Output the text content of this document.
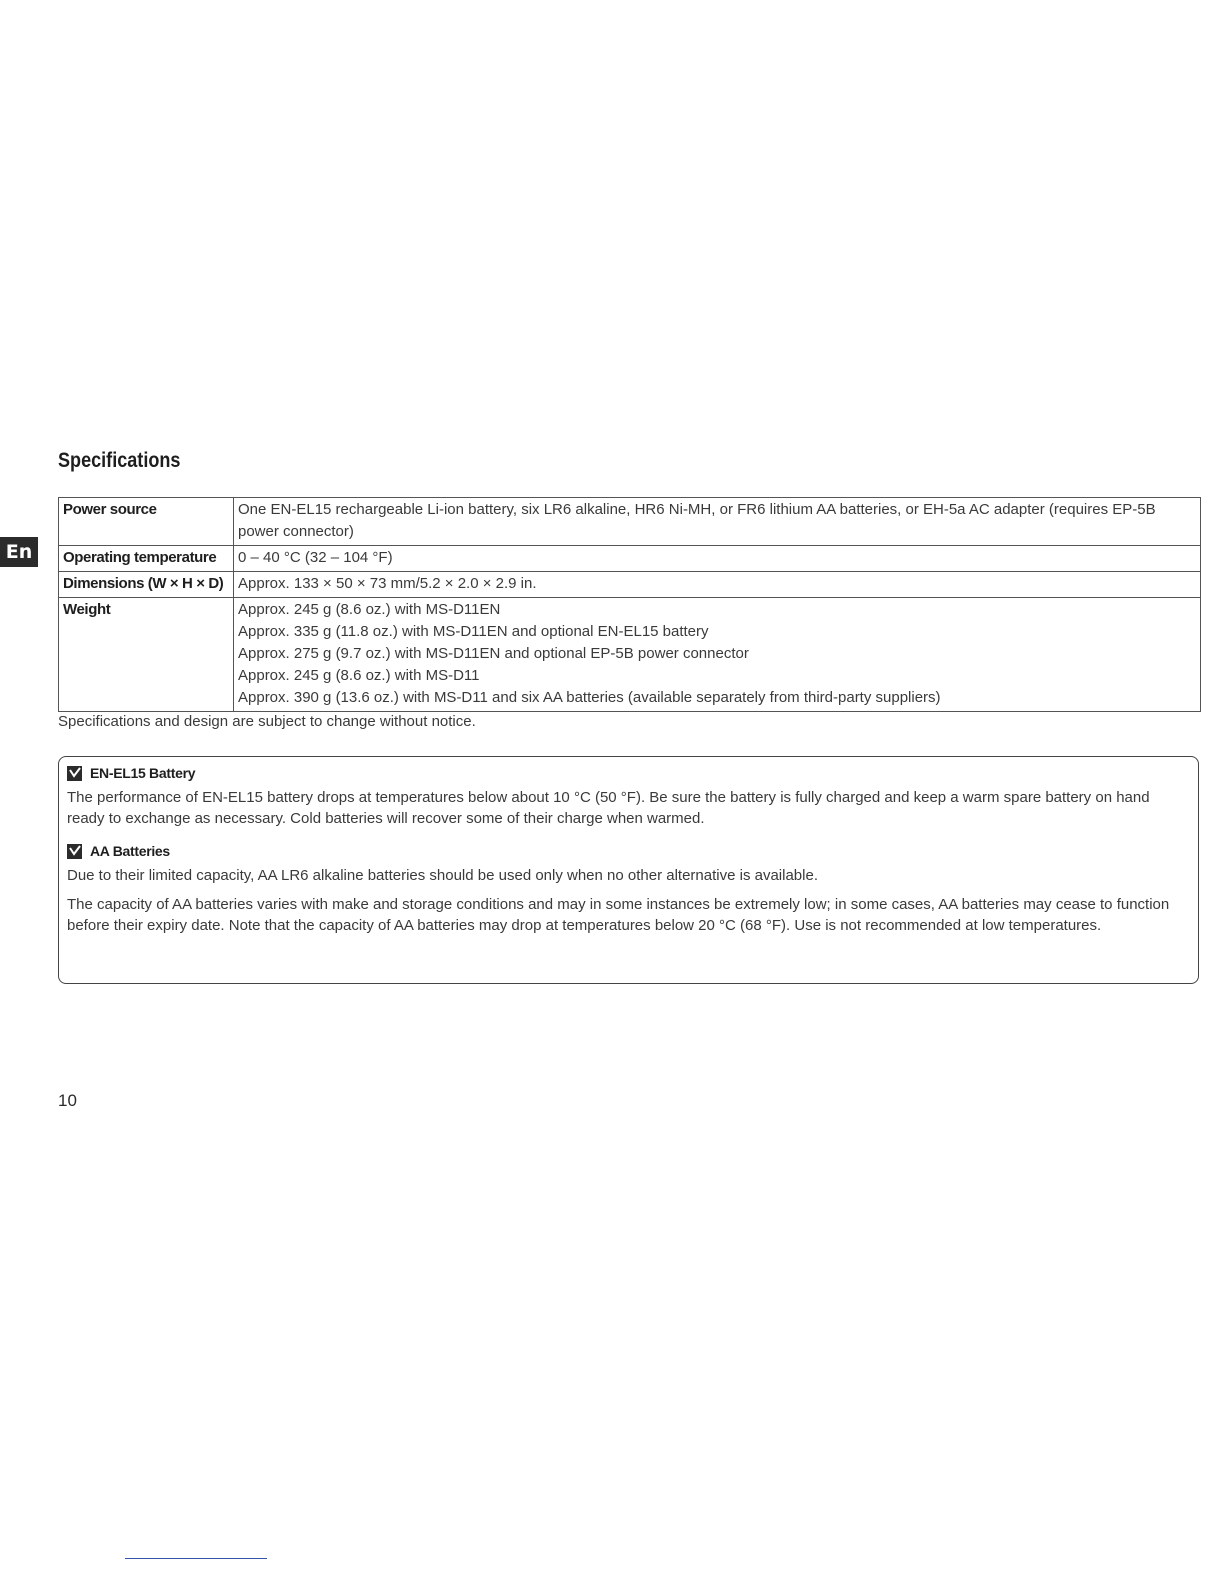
En
Specifications
Power source	One EN-EL15 rechargeable Li-ion battery, six LR6 alkaline, HR6 Ni-MH, or FR6 lithium AA batteries, or EH-5a AC adapter (requires EP-5B power connector)
Operating temperature	0 – 40 °C (32 – 104 °F)
Dimensions (W × H × D)	Approx. 133 × 50 × 73 mm/5.2 × 2.0 × 2.9 in.
Weight	Approx. 245 g (8.6 oz.) with MS-D11EN
Approx. 335 g (11.8 oz.) with MS-D11EN and optional EN-EL15 battery
Approx. 275 g (9.7 oz.) with MS-D11EN and optional EP-5B power connector
Approx. 245 g (8.6 oz.) with MS-D11
Approx. 390 g (13.6 oz.) with MS-D11 and six AA batteries (available separately from third-party suppliers)

Specifications and design are subject to change without notice.

EN-EL15 Battery

The performance of EN-EL15 battery drops at temperatures below about 10 °C (50 °F). Be sure the battery is fully charged and keep a warm spare battery on hand ready to exchange as necessary. Cold batteries will recover some of their charge when warmed.

AA Batteries

Due to their limited capacity, AA LR6 alkaline batteries should be used only when no other alternative is available.

The capacity of AA batteries varies with make and storage conditions and may in some instances be extremely low; in some cases, AA batteries may cease to function before their expiry date. Note that the capacity of AA batteries may drop at temperatures below 20 °C (68 °F). Use is not recommended at low temperatures.

10
